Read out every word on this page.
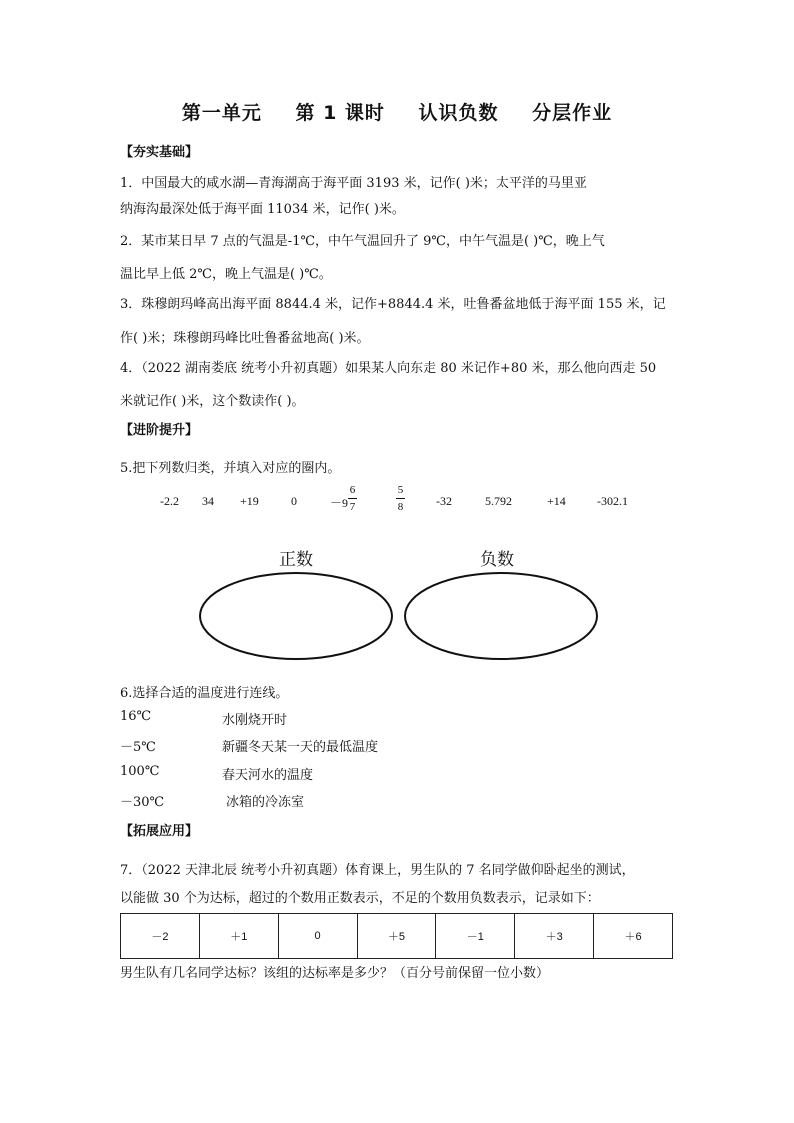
第一单元 第 1 课时 认识负数 分层作业
【夯实基础】
1．中国最大的咸水湖—青海湖高于海平面 3193 米，记作( )米；太平洋的马里亚
纳海沟最深处低于海平面 11034 米，记作( )米。
2．某市某日早 7 点的气温是-1℃，中午气温回升了 9℃，中午气温是( )℃，晚上气
温比早上低 2℃，晚上气温是( )℃。
3．珠穆朗玛峰高出海平面 8844.4 米，记作+8844.4 米，吐鲁番盆地低于海平面 155 米，记
作( )米；珠穆朗玛峰比吐鲁番盆地高( )米。
4．（2022 湖南娄底 统考小升初真题）如果某人向东走 80 米记作+80 米，那么他向西走 50
米就记作( )米，这个数读作( )。
【进阶提升】
5.把下列数归类，并填入对应的圈内。
-2.2 34 +19	0	－9
6
7
5
8	-32	5.792	+14	-302.1
正数	负数
6.选择合适的温度进行连线。
16℃	水刚烧开时
－5℃	新疆冬天某一天的最低温度
100℃	春天河水的温度
－30℃	冰箱的冷冻室
【拓展应用】
7．（2022 天津北辰 统考小升初真题）体育课上，男生队的 7 名同学做仰卧起坐的测试，
以能做 30 个为达标，超过的个数用正数表示，不足的个数用负数表示，记录如下：
－2	＋1	0	＋5	－1	＋3	＋6
男生队有几名同学达标？该组的达标率是多少？（百分号前保留一位小数）
